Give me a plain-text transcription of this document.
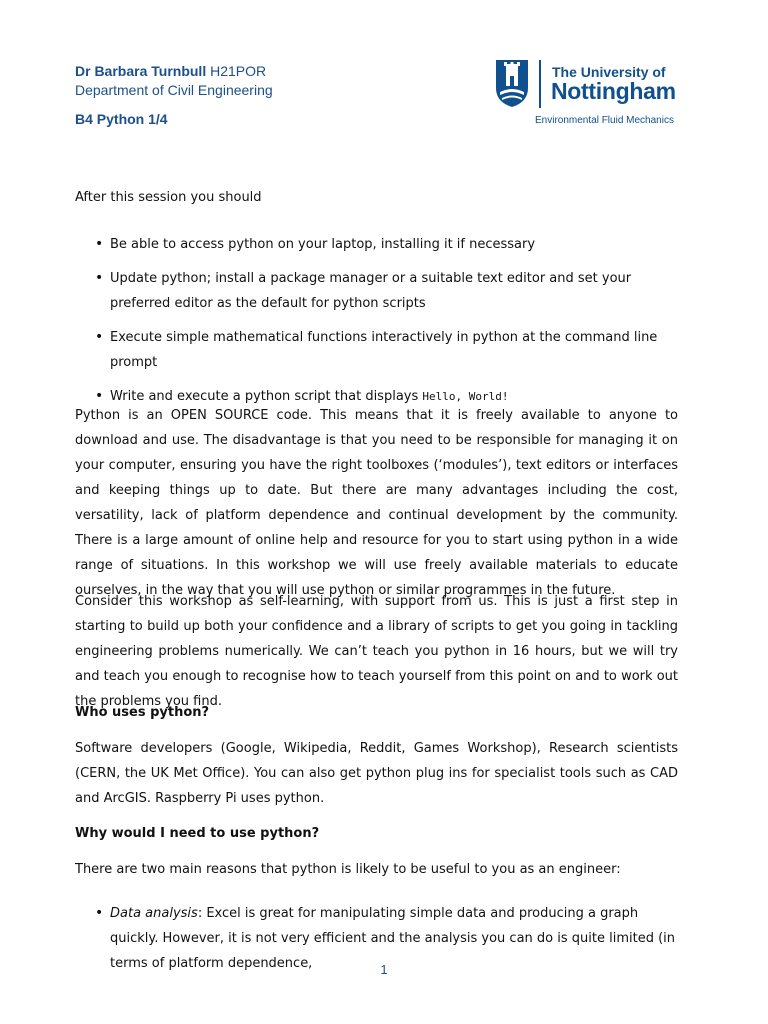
Dr Barbara Turnbull H21POR
Department of Civil Engineering
B4 Python 1/4
The University of
Nottingham
Environmental Fluid Mechanics

After this session you should

• Be able to access python on your laptop, installing it if necessary
• Update python; install a package manager or a suitable text editor and set your preferred editor as the default for python scripts
• Execute simple mathematical functions interactively in python at the command line prompt
• Write and execute a python script that displays Hello, World!

Python is an OPEN SOURCE code. This means that it is freely available to anyone to download and use. The disadvantage is that you need to be responsible for managing it on your computer, ensuring you have the right toolboxes (‘modules’), text editors or interfaces and keeping things up to date. But there are many advantages including the cost, versatility, lack of platform dependence and continual development by the community. There is a large amount of online help and resource for you to start using python in a wide range of situations. In this workshop we will use freely available materials to educate ourselves, in the way that you will use python or similar programmes in the future.

Consider this workshop as self-learning, with support from us. This is just a first step in starting to build up both your confidence and a library of scripts to get you going in tackling engineering problems numerically. We can’t teach you python in 16 hours, but we will try and teach you enough to recognise how to teach yourself from this point on and to work out the problems you find.

Who uses python?

Software developers (Google, Wikipedia, Reddit, Games Workshop), Research scientists (CERN, the UK Met Office). You can also get python plug ins for specialist tools such as CAD and ArcGIS. Raspberry Pi uses python.

Why would I need to use python?

There are two main reasons that python is likely to be useful to you as an engineer:

• Data analysis: Excel is great for manipulating simple data and producing a graph quickly. However, it is not very efficient and the analysis you can do is quite limited (in terms of platform dependence,	1
